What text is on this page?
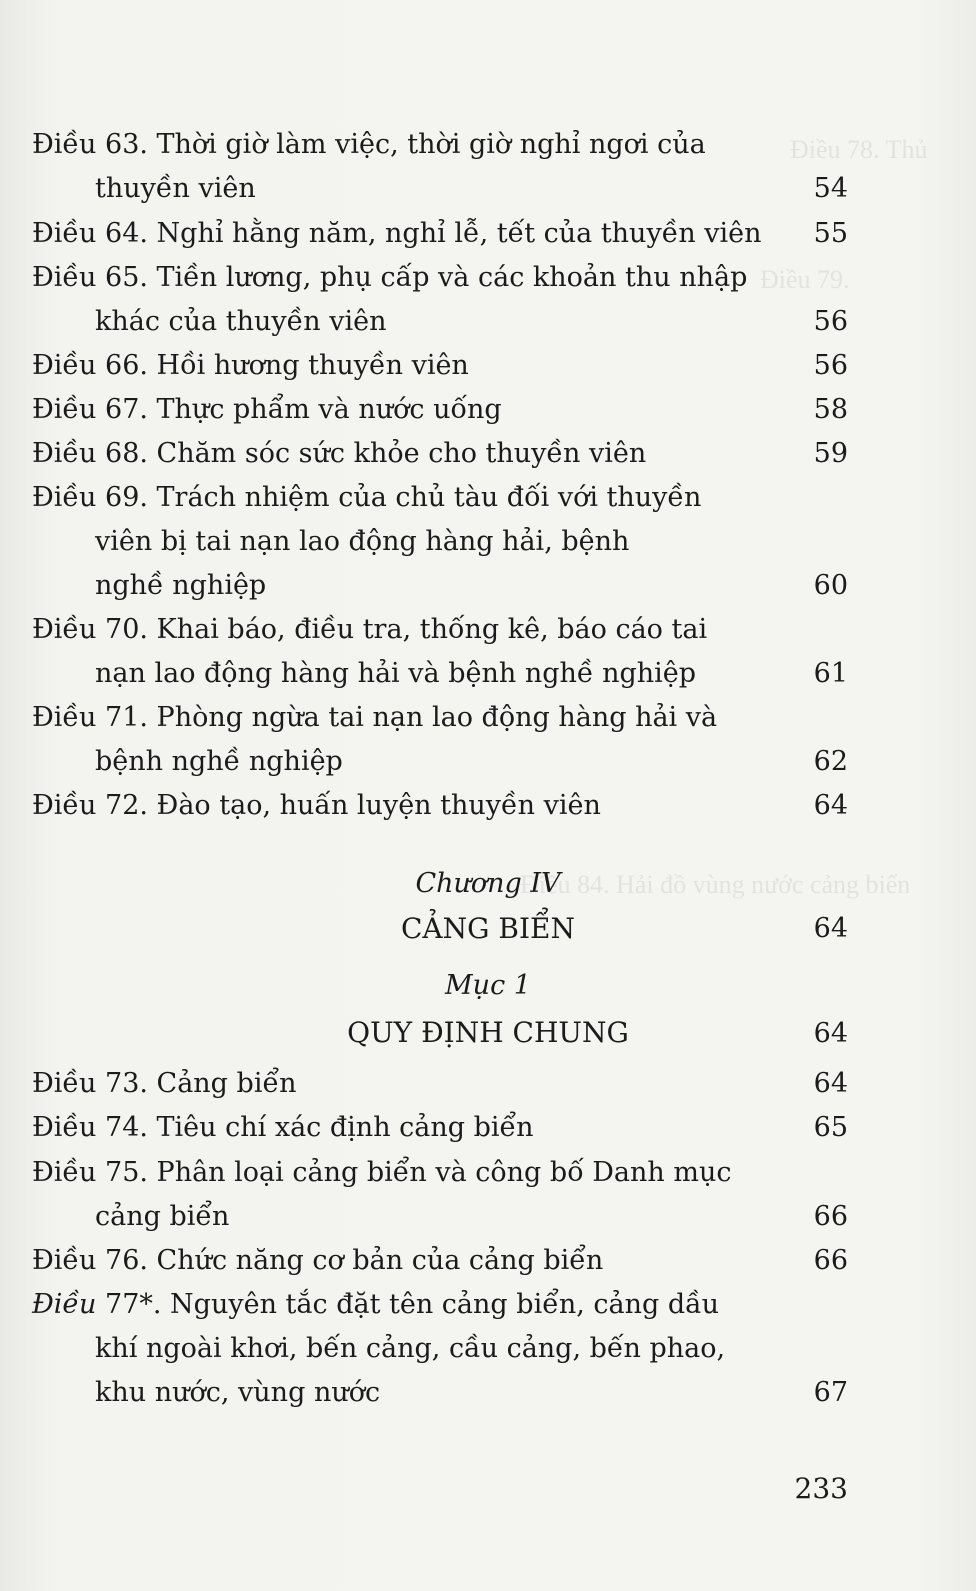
Điều 78. Thủ
Điều 79.
Điều 84. Hải đồ vùng nước cảng biển
Điều 63. Thời giờ làm việc, thời giờ nghỉ ngơi của
thuyền viên	54
Điều 64. Nghỉ hằng năm, nghỉ lễ, tết của thuyền viên 55
Điều 65. Tiền lương, phụ cấp và các khoản thu nhập
khác của thuyền viên	56
Điều 66. Hồi hương thuyền viên	56
Điều 67. Thực phẩm và nước uống	58
Điều 68. Chăm sóc sức khỏe cho thuyền viên	59
Điều 69. Trách nhiệm của chủ tàu đối với thuyền
viên bị tai nạn lao động hàng hải, bệnh
nghề nghiệp	60
Điều 70. Khai báo, điều tra, thống kê, báo cáo tai
nạn lao động hàng hải và bệnh nghề nghiệp	61
Điều 71. Phòng ngừa tai nạn lao động hàng hải và
bệnh nghề nghiệp	62
Điều 72. Đào tạo, huấn luyện thuyền viên	64
Chương IV
CẢNG BIỂN	64
Mục 1
QUY ĐỊNH CHUNG	64
Điều 73. Cảng biển	64
Điều 74. Tiêu chí xác định cảng biển	65
Điều 75. Phân loại cảng biển và công bố Danh mục
cảng biển	66
Điều 76. Chức năng cơ bản của cảng biển	66
Điều 77*. Nguyên tắc đặt tên cảng biển, cảng dầu
khí ngoài khơi, bến cảng, cầu cảng, bến phao,
khu nước, vùng nước	67
233
